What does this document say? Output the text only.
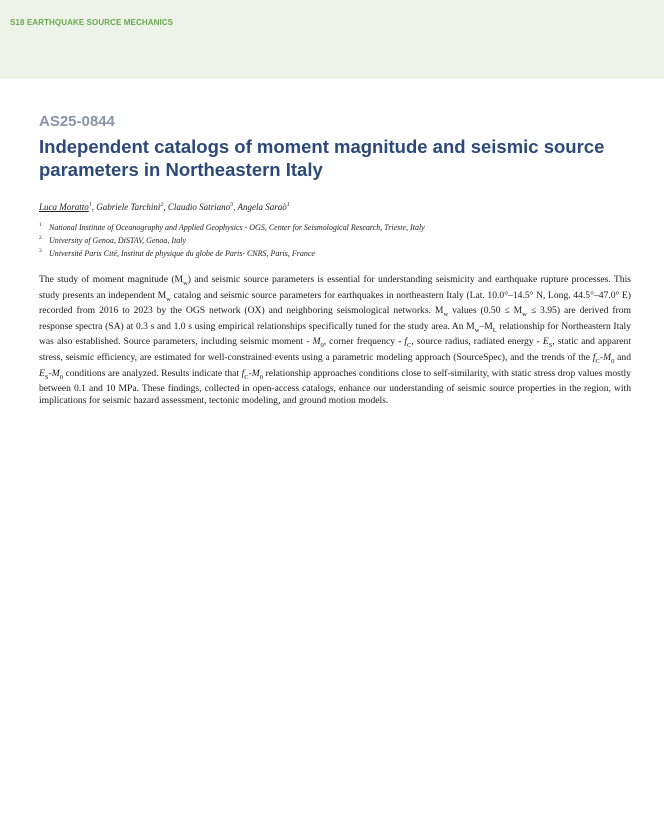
S18 EARTHQUAKE SOURCE MECHANICS
AS25-0844
Independent catalogs of moment magnitude and seismic source
parameters in Northeastern Italy
Luca Moratto$^1$, Gabriele Tarchini$^2$, Claudio Satriano$^3$, Angela Saraò$^1$
1 National Institute of Oceanography and Applied Geophysics - OGS, Center for Seismological Research, Trieste, Italy
2 University of Genoa, DiSTAV, Genoa, Italy
3 Université Paris Cité, Institut de physique du globe de Paris- CNRS, Paris, France
The study of moment magnitude $(M_w)$ and seismic source parameters is essential for understanding seismicity and earthquake rupture processes. This study presents an independent $M_w$ catalog and seismic source parameters for earthquakes in northeastern Italy (Lat. 10.0°–14.5° N, Long. 44.5°–47.0° E) recorded from 2016 to 2023 by the OGS network (OX) and neighboring seismological networks. $M_w$ values $(0.50 \le M_w \le 3.95)$ are derived from response spectra (SA) at 0.3 s and 1.0 s using empirical relationships specifically tuned for the study area. An $M_w-M_L$ relationship for Northeastern Italy was also established. Source parameters, including seismic moment - $M_0$, corner frequency - $f_C$, source radius, radiated energy - $E_S$, static and apparent stress, seismic efficiency, are estimated for well-constrained events using a parametric modeling approach (SourceSpec), and the trends of the $f_C-M_0$ and $E_S-M_0$ conditions are analyzed. Results indicate that $f_C-M_0$ relationship approaches conditions close to self-similarity, with static stress drop values mostly between 0.1 and 10 MPa. These findings, collected in open-access catalogs, enhance our understanding of seismic source properties in the region, with implications for seismic hazard assessment, tectonic modeling, and ground motion models.
